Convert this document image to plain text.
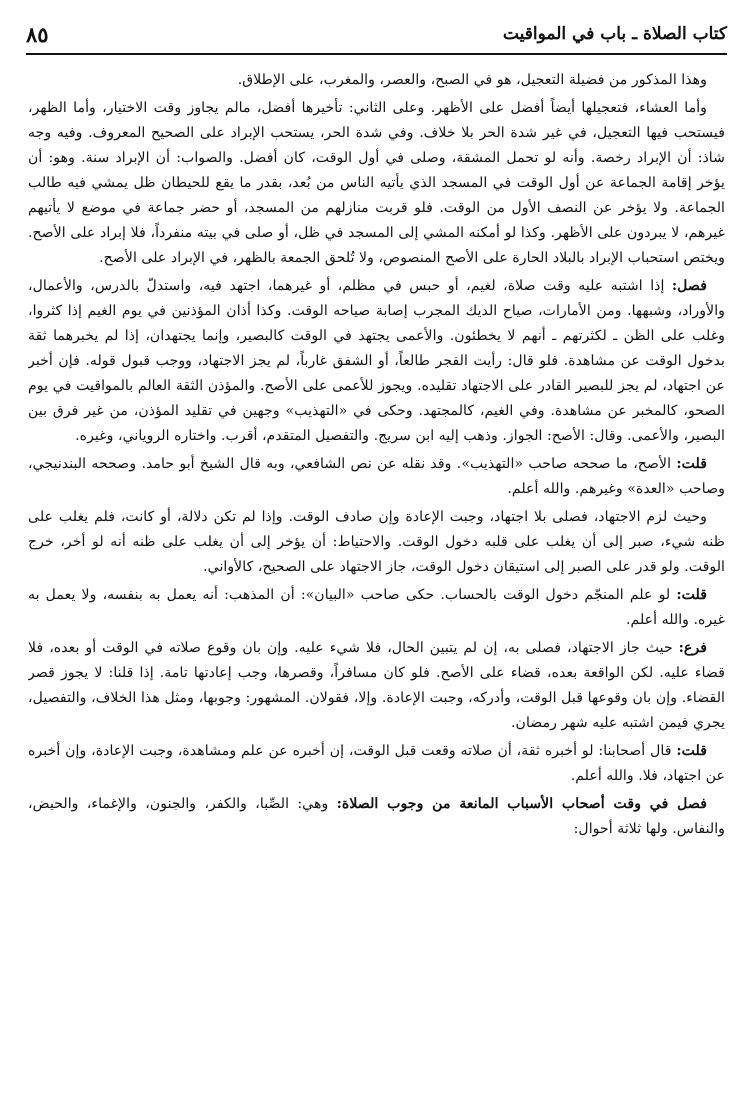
كتاب الصلاة ـ باب في المواقيت
٨٥

وهذا المذكور من فضيلة التعجيل، هو في الصبح، والعصر، والمغرب، على الإطلاق.

وأما العشاء، فتعجيلها أيضاً أفضل على الأظهر. وعلى الثاني: تأخيرها أفضل، مالم يجاوز وقت الاختيار، وأما الظهر، فيستحب فيها التعجيل، في غير شدة الحر بلا خلاف. وفي شدة الحر، يستحب الإبراد على الصحيح المعروف. وفيه وجه شاذ: أن الإبراد رخصة. وأنه لو تحمل المشقة، وصلى في أول الوقت، كان أفضل. والصواب: أن الإبراد سنة. وهو: أن يؤخر إقامة الجماعة عن أول الوقت في المسجد الذي يأتيه الناس من بُعد، بقدر ما يقع للحيطان ظل يمشي فيه طالب الجماعة. ولا يؤخر عن النصف الأول من الوقت. فلو قربت منازلهم من المسجد، أو حضر جماعة في موضع لا يأتيهم غيرهم، لا يبردون على الأظهر. وكذا لو أمكنه المشي إلى المسجد في ظل، أو صلى في بيته منفرداً، فلا إبراد على الأصح. ويختص استحباب الإبراد بالبلاد الحارة على الأصح المنصوص، ولا تُلحق الجمعة بالظهر، في الإبراد على الأصح.

فصل: إذا اشتبه عليه وقت صلاة، لغيم، أو حبس في مظلم، أو غيرهما، اجتهد فيه، واستدلّ بالدرس، والأعمال، والأوراد، وشبهها. ومن الأمارات، صياح الديك المجرب إصابة صياحه الوقت. وكذا أذان المؤذنين في يوم الغيم إذا كثروا، وغلب على الظن ـ لكثرتهم ـ أنهم لا يخطئون. والأعمى يجتهد في الوقت كالبصير، وإنما يجتهدان، إذا لم يخبرهما ثقة بدخول الوقت عن مشاهدة. فلو قال: رأيت الفجر طالعاً، أو الشفق غارباً، لم يجز الاجتهاد، ووجب قبول قوله. فإن أخبر عن اجتهاد، لم يجز للبصير القادر على الاجتهاد تقليده. ويجوز للأعمى على الأصح. والمؤذن الثقة العالم بالمواقيت في يوم الصحو، كالمخبر عن مشاهدة. وفي الغيم، كالمجتهد. وحكى في «التهذيب» وجهين في تقليد المؤذن، من غير فرق بين البصير، والأعمى. وقال: الأصح: الجواز. وذهب إليه ابن سريج. والتفصيل المتقدم، أقرب. واختاره الروياني، وغيره.

قلت: الأصح، ما صححه صاحب «التهذيب». وقد نقله عن نص الشافعي، وبه قال الشيخ أبو حامد. وصححه البندنيجي، وصاحب «العدة» وغيرهم. والله أعلم.

وحيث لزم الاجتهاد، فصلى بلا اجتهاد، وجبت الإعادة وإن صادف الوقت. وإذا لم تكن دلالة، أو كانت، فلم يغلب على ظنه شيء، صبر إلى أن يغلب على قلبه دخول الوقت. والاحتياط: أن يؤخر إلى أن يغلب على ظنه أنه لو أخر، خرج الوقت. ولو قدر على الصبر إلى استيقان دخول الوقت، جاز الاجتهاد على الصحيح، كالأواني.

قلت: لو علم المنجّم دخول الوقت بالحساب. حكى صاحب «البيان»: أن المذهب: أنه يعمل به بنفسه، ولا يعمل به غيره. والله أعلم.

فرع: حيث جاز الاجتهاد، فصلى به، إن لم يتبين الحال، فلا شيء عليه. وإن بان وقوع صلاته في الوقت أو بعده، فلا قضاء عليه. لكن الواقعة بعده، قضاء على الأصح. فلو كان مسافراً، وقصرها، وجب إعادتها تامة. إذا قلنا: لا يجوز قصر القضاء. وإن بان وقوعها قبل الوقت، وأدركه، وجبت الإعادة. وإلا، فقولان. المشهور: وجوبها، ومثل هذا الخلاف، والتفصيل، يجري فيمن اشتبه عليه شهر رمضان.

قلت: قال أصحابنا: لو أخبره ثقة، أن صلاته وقعت قبل الوقت، إن أخبره عن علم ومشاهدة، وجبت الإعادة، وإن أخبره عن اجتهاد، فلا. والله أعلم.

فصل في وقت أصحاب الأسباب المانعة من وجوب الصلاة: وهي: الصِّبا، والكفر، والجنون، والإغماء، والحيض، والنفاس. ولها ثلاثة أحوال:
